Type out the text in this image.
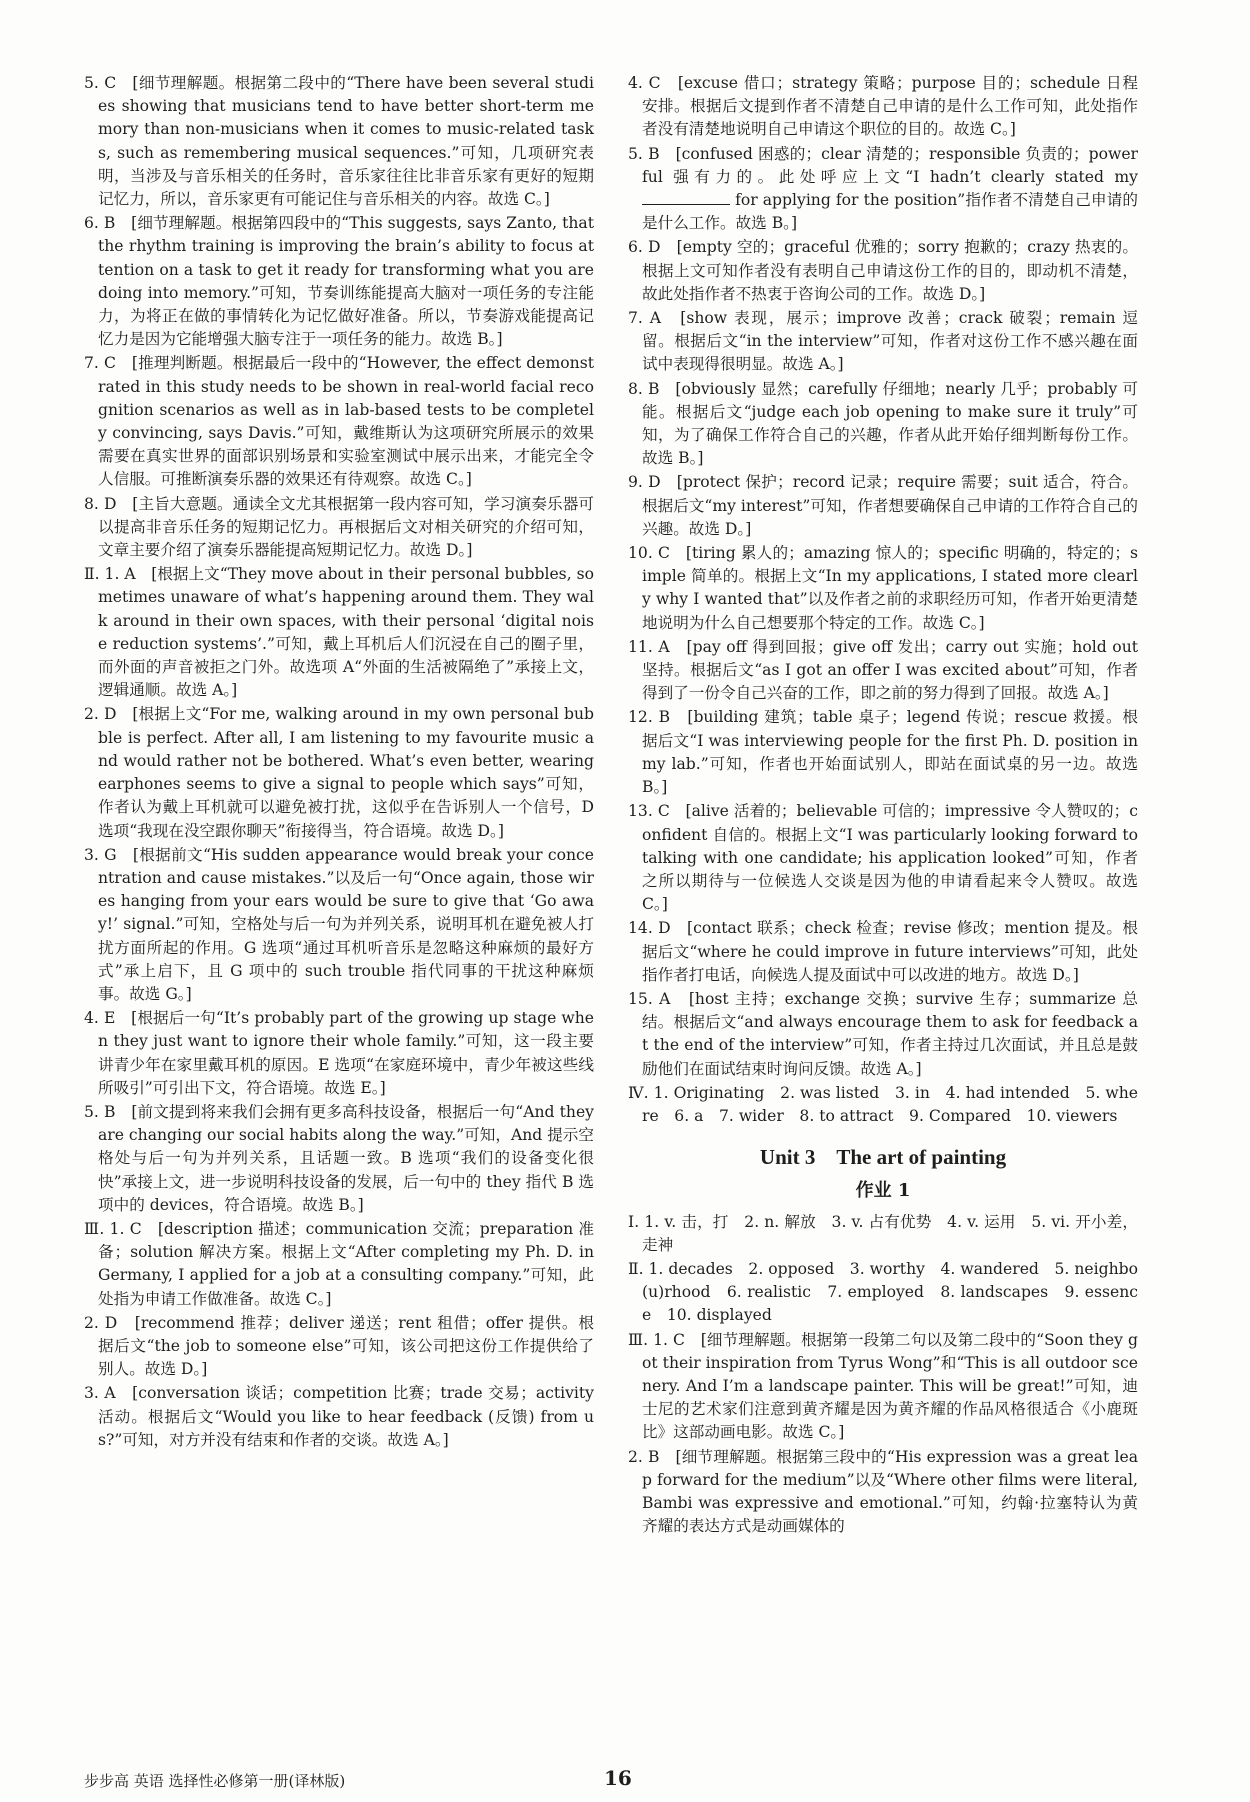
5. C　[细节理解题。根据第二段中的“There have been several studies showing that musicians tend to have better short-term memory than non-musicians when it comes to music-related tasks, such as remembering musical sequences.”可知，几项研究表明，当涉及与音乐相关的任务时，音乐家往往比非音乐家有更好的短期记忆力，所以，音乐家更有可能记住与音乐相关的内容。故选 C。]

6. B　[细节理解题。根据第四段中的“This suggests, says Zanto, that the rhythm training is improving the brain’s ability to focus attention on a task to get it ready for transforming what you are doing into memory.”可知，节奏训练能提高大脑对一项任务的专注能力，为将正在做的事情转化为记忆做好准备。所以，节奏游戏能提高记忆力是因为它能增强大脑专注于一项任务的能力。故选 B。]

7. C　[推理判断题。根据最后一段中的“However, the effect demonstrated in this study needs to be shown in real-world facial recognition scenarios as well as in lab-based tests to be completely convincing, says Davis.”可知，戴维斯认为这项研究所展示的效果需要在真实世界的面部识别场景和实验室测试中展示出来，才能完全令人信服。可推断演奏乐器的效果还有待观察。故选 C。]

8. D　[主旨大意题。通读全文尤其根据第一段内容可知，学习演奏乐器可以提高非音乐任务的短期记忆力。再根据后文对相关研究的介绍可知，文章主要介绍了演奏乐器能提高短期记忆力。故选 D。]

Ⅱ. 1. A　[根据上文“They move about in their personal bubbles, sometimes unaware of what’s happening around them. They walk around in their own spaces, with their personal ‘digital noise reduction systems’.”可知，戴上耳机后人们沉浸在自己的圈子里，而外面的声音被拒之门外。故选项 A“外面的生活被隔绝了”承接上文，逻辑通顺。故选 A。]

2. D　[根据上文“For me, walking around in my own personal bubble is perfect. After all, I am listening to my favourite music and would rather not be bothered. What’s even better, wearing earphones seems to give a signal to people which says”可知，作者认为戴上耳机就可以避免被打扰，这似乎在告诉别人一个信号，D 选项“我现在没空跟你聊天”衔接得当，符合语境。故选 D。]

3. G　[根据前文“His sudden appearance would break your concentration and cause mistakes.”以及后一句“Once again, those wires hanging from your ears would be sure to give that ‘Go away!’ signal.”可知，空格处与后一句为并列关系，说明耳机在避免被人打扰方面所起的作用。G 选项“通过耳机听音乐是忽略这种麻烦的最好方式”承上启下，且 G 项中的 such trouble 指代同事的干扰这种麻烦事。故选 G。]

4. E　[根据后一句“It’s probably part of the growing up stage when they just want to ignore their whole family.”可知，这一段主要讲青少年在家里戴耳机的原因。E 选项“在家庭环境中，青少年被这些线所吸引”可引出下文，符合语境。故选 E。]

5. B　[前文提到将来我们会拥有更多高科技设备，根据后一句“And they are changing our social habits along the way.”可知，And 提示空格处与后一句为并列关系，且话题一致。B 选项“我们的设备变化很快”承接上文，进一步说明科技设备的发展，后一句中的 they 指代 B 选项中的 devices，符合语境。故选 B。]

Ⅲ. 1. C　[description 描述；communication 交流；preparation 准备；solution 解决方案。根据上文“After completing my Ph. D. in Germany, I applied for a job at a consulting company.”可知，此处指为申请工作做准备。故选 C。]

2. D　[recommend 推荐；deliver 递送；rent 租借；offer 提供。根据后文“the job to someone else”可知，该公司把这份工作提供给了别人。故选 D。]

3. A　[conversation 谈话；competition 比赛；trade 交易；activity 活动。根据后文“Would you like to hear feedback (反馈) from us?”可知，对方并没有结束和作者的交谈。故选 A。]

4. C　[excuse 借口；strategy 策略；purpose 目的；schedule 日程安排。根据后文提到作者不清楚自己申请的是什么工作可知，此处指作者没有清楚地说明自己申请这个职位的目的。故选 C。]

5. B　[confused 困惑的；clear 清楚的；responsible 负责的；powerful 强有力的。此处呼应上文“I hadn’t clearly stated my  for applying for the position”指作者不清楚自己申请的是什么工作。故选 B。]

6. D　[empty 空的；graceful 优雅的；sorry 抱歉的；crazy 热衷的。根据上文可知作者没有表明自己申请这份工作的目的，即动机不清楚，故此处指作者不热衷于咨询公司的工作。故选 D。]

7. A　[show 表现，展示；improve 改善；crack 破裂；remain 逗留。根据后文“in the interview”可知，作者对这份工作不感兴趣在面试中表现得很明显。故选 A。]

8. B　[obviously 显然；carefully 仔细地；nearly 几乎；probably 可能。根据后文“judge each job opening to make sure it truly”可知，为了确保工作符合自己的兴趣，作者从此开始仔细判断每份工作。故选 B。]

9. D　[protect 保护；record 记录；require 需要；suit 适合，符合。根据后文“my interest”可知，作者想要确保自己申请的工作符合自己的兴趣。故选 D。]

10. C　[tiring 累人的；amazing 惊人的；specific 明确的，特定的；simple 简单的。根据上文“In my applications, I stated more clearly why I wanted that”以及作者之前的求职经历可知，作者开始更清楚地说明为什么自己想要那个特定的工作。故选 C。]

11. A　[pay off 得到回报；give off 发出；carry out 实施；hold out 坚持。根据后文“as I got an offer I was excited about”可知，作者得到了一份令自己兴奋的工作，即之前的努力得到了回报。故选 A。]

12. B　[building 建筑；table 桌子；legend 传说；rescue 救援。根据后文“I was interviewing people for the first Ph. D. position in my lab.”可知，作者也开始面试别人，即站在面试桌的另一边。故选 B。]

13. C　[alive 活着的；believable 可信的；impressive 令人赞叹的；confident 自信的。根据上文“I was particularly looking forward to talking with one candidate; his application looked”可知，作者之所以期待与一位候选人交谈是因为他的申请看起来令人赞叹。故选 C。]

14. D　[contact 联系；check 检查；revise 修改；mention 提及。根据后文“where he could improve in future interviews”可知，此处指作者打电话，向候选人提及面试中可以改进的地方。故选 D。]

15. A　[host 主持；exchange 交换；survive 生存；summarize 总结。根据后文“and always encourage them to ask for feedback at the end of the interview”可知，作者主持过几次面试，并且总是鼓励他们在面试结束时询问反馈。故选 A。]

Ⅳ. 1. Originating　2. was listed　3. in　4. had intended　5. where　6. a　7. wider　8. to attract　9. Compared　10. viewers

Unit 3　The art of painting
作业 1

Ⅰ. 1. v. 击，打　2. n. 解放　3. v. 占有优势　4. v. 运用　5. vi. 开小差，走神

Ⅱ. 1. decades　2. opposed　3. worthy　4. wandered　5. neighbo(u)rhood　6. realistic　7. employed　8. landscapes　9. essence　10. displayed

Ⅲ. 1. C　[细节理解题。根据第一段第二句以及第二段中的“Soon they got their inspiration from Tyrus Wong”和“This is all outdoor scenery. And I’m a landscape painter. This will be great!”可知，迪士尼的艺术家们注意到黄齐耀是因为黄齐耀的作品风格很适合《小鹿斑比》这部动画电影。故选 C。]

2. B　[细节理解题。根据第三段中的“His expression was a great leap forward for the medium”以及“Where other films were literal, Bambi was expressive and emotional.”可知，约翰·拉塞特认为黄齐耀的表达方式是动画媒体的

步步高 英语 选择性必修第一册(译林版)	16
